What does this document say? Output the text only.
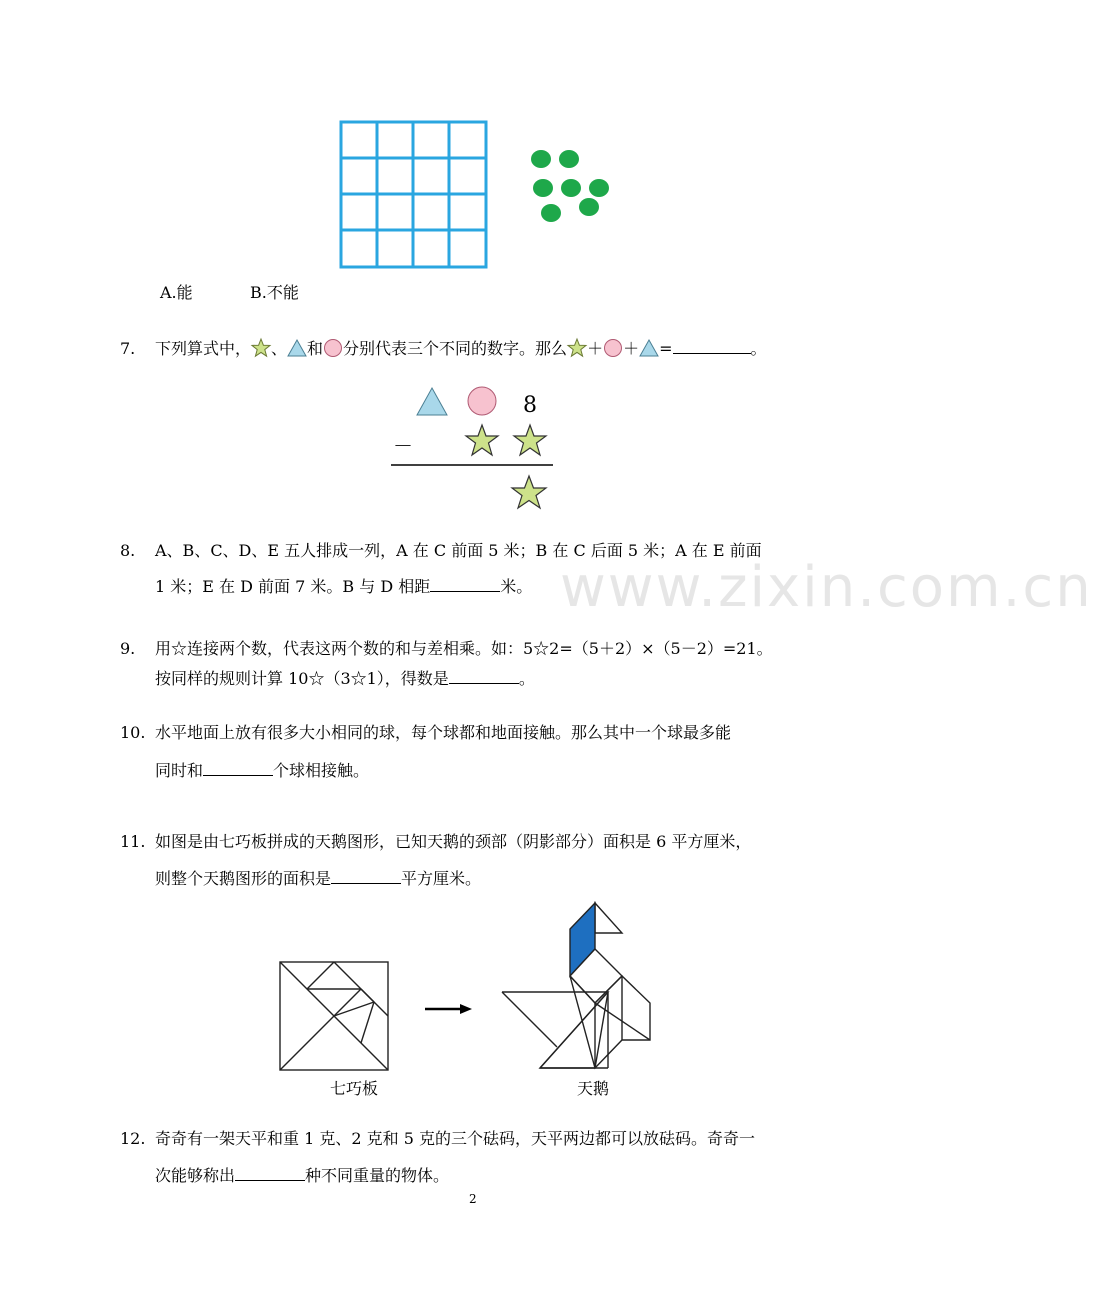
www.zixin.com.cn
A.能	B.不能
7. 下列算式中， 、 和 分别代表三个不同的数字。那么 ＋ ＋ =	。
8
－
8. A、B、C、D、E 五人排成一列，A 在 C 前面 5 米；B 在 C 后面 5 米；A 在 E 前面
1 米；E 在 D 前面 7 米。B 与 D 相距	米。
9. 用☆连接两个数，代表这两个数的和与差相乘。如：5☆2=（5＋2）×（5－2）=21。
按同样的规则计算 10☆（3☆1），得数是	。
10. 水平地面上放有很多大小相同的球，每个球都和地面接触。那么其中一个球最多能
同时和	个球相接触。
11. 如图是由七巧板拼成的天鹅图形，已知天鹅的颈部（阴影部分）面积是 6 平方厘米，
则整个天鹅图形的面积是	平方厘米。
七巧板	天鹅
12. 奇奇有一架天平和重 1 克、2 克和 5 克的三个砝码，天平两边都可以放砝码。奇奇一
次能够称出	种不同重量的物体。
2
